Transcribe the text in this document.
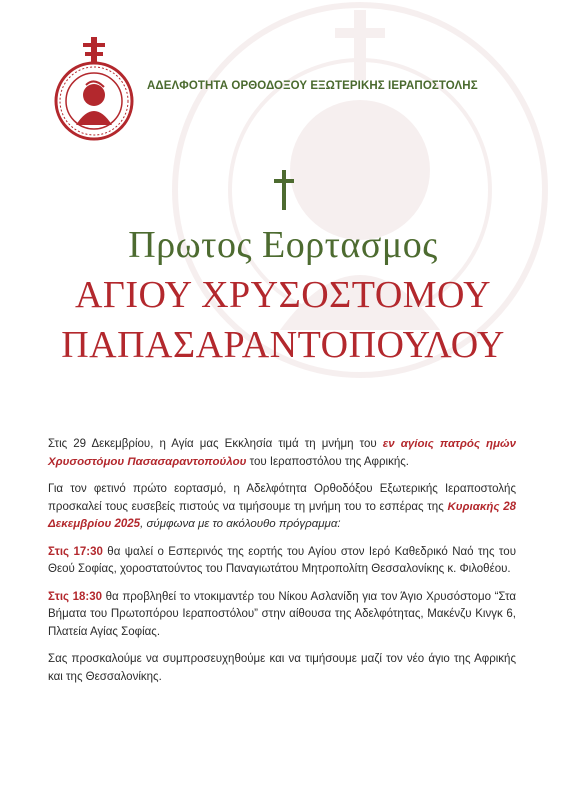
ΑΔΕΛΦΟΤΗΤΑ ΟΡΘΟΔΟΞΟΥ ΕΞΩΤΕΡΙΚΗΣ ΙΕΡΑΠΟΣΤΟΛΗΣ
Πρωτος Εορτασμος
ΑΓΙΟΥ ΧΡΥΣΟΣΤΟΜΟΥ
ΠΑΠΑΣΑΡΑΝΤΟΠΟΥΛΟΥ

Στις 29 Δεκεμβρίου, η Αγία μας Εκκλησία τιμά τη μνήμη του εν αγίοις πατρός ημών Χρυσοστόμου Πασασαραντοπούλου του Ιεραποστόλου της Αφρικής.

Για τον φετινό πρώτο εορτασμό, η Αδελφότητα Ορθοδόξου Εξωτερικής Ιεραποστολής προσκαλεί τους ευσεβείς πιστούς να τιμήσουμε τη μνήμη του το εσπέρας της Κυριακής 28 Δεκεμβρίου 2025, σύμφωνα με το ακόλουθο πρόγραμμα:

Στις 17:30 θα ψαλεί ο Εσπερινός της εορτής του Αγίου στον Ιερό Καθεδρικό Ναό της του Θεού Σοφίας, χοροστατούντος του Παναγιωτάτου Μητροπολίτη Θεσσαλονίκης κ. Φιλοθέου.

Στις 18:30 θα προβληθεί το ντοκιμαντέρ του Νίκου Ασλανίδη για τον Άγιο Χρυσόστομο “Στα Βήματα του Πρωτοπόρου Ιεραποστόλου” στην αίθουσα της Αδελφότητας, Μακένζυ Κινγκ 6, Πλατεία Αγίας Σοφίας.

Σας προσκαλούμε να συμπροσευχηθούμε και να τιμήσουμε μαζί τον νέο άγιο της Αφρικής και της Θεσσαλονίκης.
